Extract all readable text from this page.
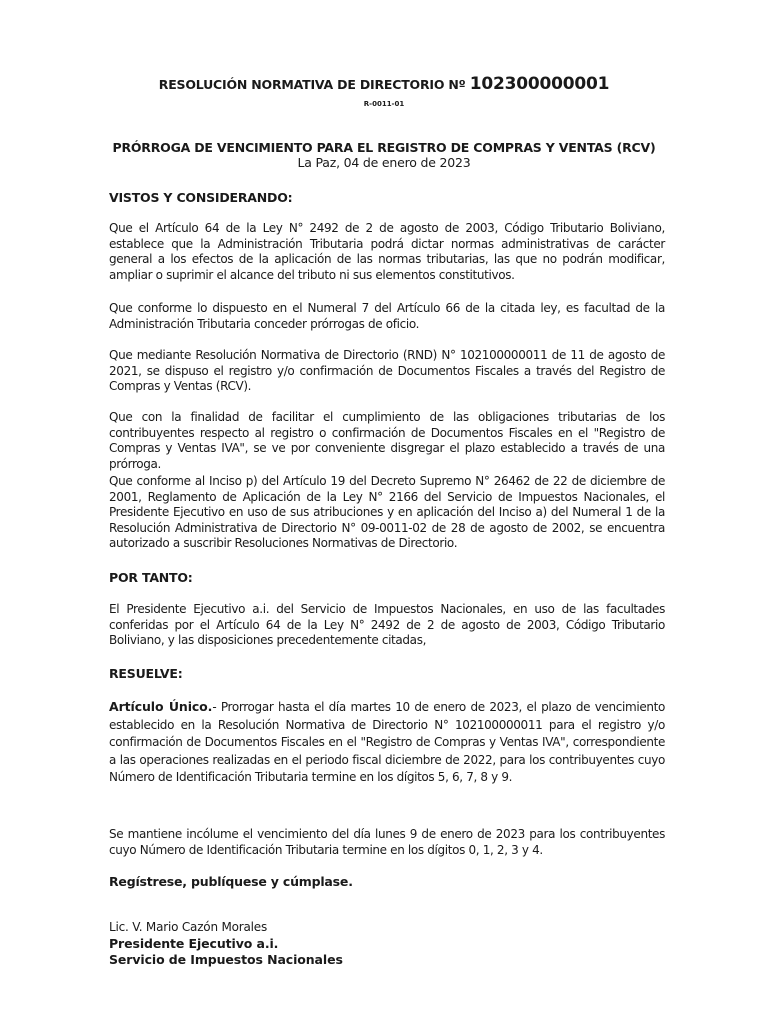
RESOLUCIÓN NORMATIVA DE DIRECTORIO Nº 102300000001
R-0011-01
PRÓRROGA DE VENCIMIENTO PARA EL REGISTRO DE COMPRAS Y VENTAS (RCV)
La Paz, 04 de enero de 2023
VISTOS Y CONSIDERANDO:
Que el Artículo 64 de la Ley N° 2492 de 2 de agosto de 2003, Código Tributario Boliviano, establece que la Administración Tributaria podrá dictar normas administrativas de carácter general a los efectos de la aplicación de las normas tributarias, las que no podrán modificar, ampliar o suprimir el alcance del tributo ni sus elementos constitutivos.
Que conforme lo dispuesto en el Numeral 7 del Artículo 66 de la citada ley, es facultad de la Administración Tributaria conceder prórrogas de oficio.
Que mediante Resolución Normativa de Directorio (RND) N° 102100000011 de 11 de agosto de 2021, se dispuso el registro y/o confirmación de Documentos Fiscales a través del Registro de Compras y Ventas (RCV).
Que con la finalidad de facilitar el cumplimiento de las obligaciones tributarias de los contribuyentes respecto al registro o confirmación de Documentos Fiscales en el "Registro de Compras y Ventas IVA", se ve por conveniente disgregar el plazo establecido a través de una prórroga.
Que conforme al Inciso p) del Artículo 19 del Decreto Supremo N° 26462 de 22 de diciembre de 2001, Reglamento de Aplicación de la Ley N° 2166 del Servicio de Impuestos Nacionales, el Presidente Ejecutivo en uso de sus atribuciones y en aplicación del Inciso a) del Numeral 1 de la Resolución Administrativa de Directorio N° 09-0011-02 de 28 de agosto de 2002, se encuentra autorizado a suscribir Resoluciones Normativas de Directorio.
POR TANTO:
El Presidente Ejecutivo a.i. del Servicio de Impuestos Nacionales, en uso de las facultades conferidas por el Artículo 64 de la Ley N° 2492 de 2 de agosto de 2003, Código Tributario Boliviano, y las disposiciones precedentemente citadas,
RESUELVE:
Artículo Único.- Prorrogar hasta el día martes 10 de enero de 2023, el plazo de vencimiento establecido en la Resolución Normativa de Directorio N° 102100000011 para el registro y/o confirmación de Documentos Fiscales en el "Registro de Compras y Ventas IVA", correspondiente a las operaciones realizadas en el periodo fiscal diciembre de 2022, para los contribuyentes cuyo Número de Identificación Tributaria termine en los dígitos 5, 6, 7, 8 y 9.
Se mantiene incólume el vencimiento del día lunes 9 de enero de 2023 para los contribuyentes cuyo Número de Identificación Tributaria termine en los dígitos 0, 1, 2, 3 y 4.
Regístrese, publíquese y cúmplase.
Lic. V. Mario Cazón Morales
Presidente Ejecutivo a.i.
Servicio de Impuestos Nacionales
